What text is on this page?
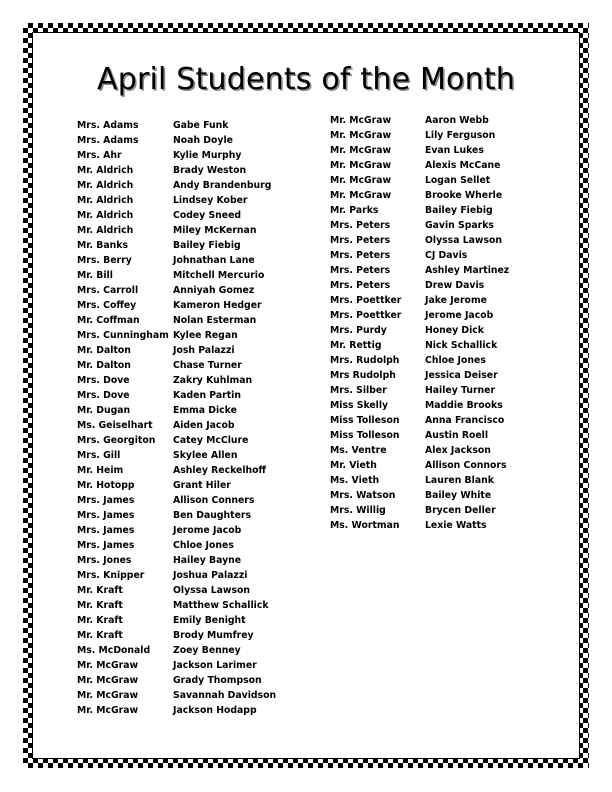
April Students of the Month
Mrs. Adams	Gabe Funk
Mrs. Adams	Noah Doyle
Mrs. Ahr	Kylie Murphy
Mr. Aldrich	Brady Weston
Mr. Aldrich	Andy Brandenburg
Mr. Aldrich	Lindsey Kober
Mr. Aldrich	Codey Sneed
Mr. Aldrich	Miley McKernan
Mr. Banks	Bailey Fiebig
Mrs. Berry	Johnathan Lane
Mr. Bill	Mitchell Mercurio
Mrs. Carroll	Anniyah Gomez
Mrs. Coffey	Kameron Hedger
Mr. Coffman	Nolan Esterman
Mrs. Cunningham Kylee Regan
Mr. Dalton	Josh Palazzi
Mr. Dalton	Chase Turner
Mrs. Dove	Zakry Kuhlman
Mrs. Dove	Kaden Partin
Mr. Dugan	Emma Dicke
Ms. Geiselhart Aiden Jacob
Mrs. Georgiton Catey McClure
Mrs. Gill	Skylee Allen
Mr. Heim	Ashley Reckelhoff
Mr. Hotopp	Grant Hiler
Mrs. James	Allison Conners
Mrs. James	Ben Daughters
Mrs. James	Jerome Jacob
Mrs. James	Chloe Jones
Mrs. Jones	Hailey Bayne
Mrs. Knipper	Joshua Palazzi
Mr. Kraft	Olyssa Lawson
Mr. Kraft	Matthew Schallick
Mr. Kraft	Emily Benight
Mr. Kraft	Brody Mumfrey
Ms. McDonald Zoey Benney
Mr. McGraw	Jackson Larimer
Mr. McGraw	Grady Thompson
Mr. McGraw	Savannah Davidson
Mr. McGraw	Jackson Hodapp
Mr. McGraw	Aaron Webb
Mr. McGraw	Lily Ferguson
Mr. McGraw	Evan Lukes
Mr. McGraw	Alexis McCane
Mr. McGraw	Logan Sellet
Mr. McGraw	Brooke Wherle
Mr. Parks	Bailey Fiebig
Mrs. Peters	Gavin Sparks
Mrs. Peters	Olyssa Lawson
Mrs. Peters	CJ Davis
Mrs. Peters	Ashley Martinez
Mrs. Peters	Drew Davis
Mrs. Poettker	Jake Jerome
Mrs. Poettker	Jerome Jacob
Mrs. Purdy	Honey Dick
Mr. Rettig	Nick Schallick
Mrs. Rudolph	Chloe Jones
Mrs Rudolph	Jessica Deiser
Mrs. Silber	Hailey Turner
Miss Skelly	Maddie Brooks
Miss Tolleson	Anna Francisco
Miss Tolleson	Austin Roell
Ms. Ventre	Alex Jackson
Mr. Vieth	Allison Connors
Ms. Vieth	Lauren Blank
Mrs. Watson	Bailey White
Mrs. Willig	Brycen Deller
Ms. Wortman	Lexie Watts
